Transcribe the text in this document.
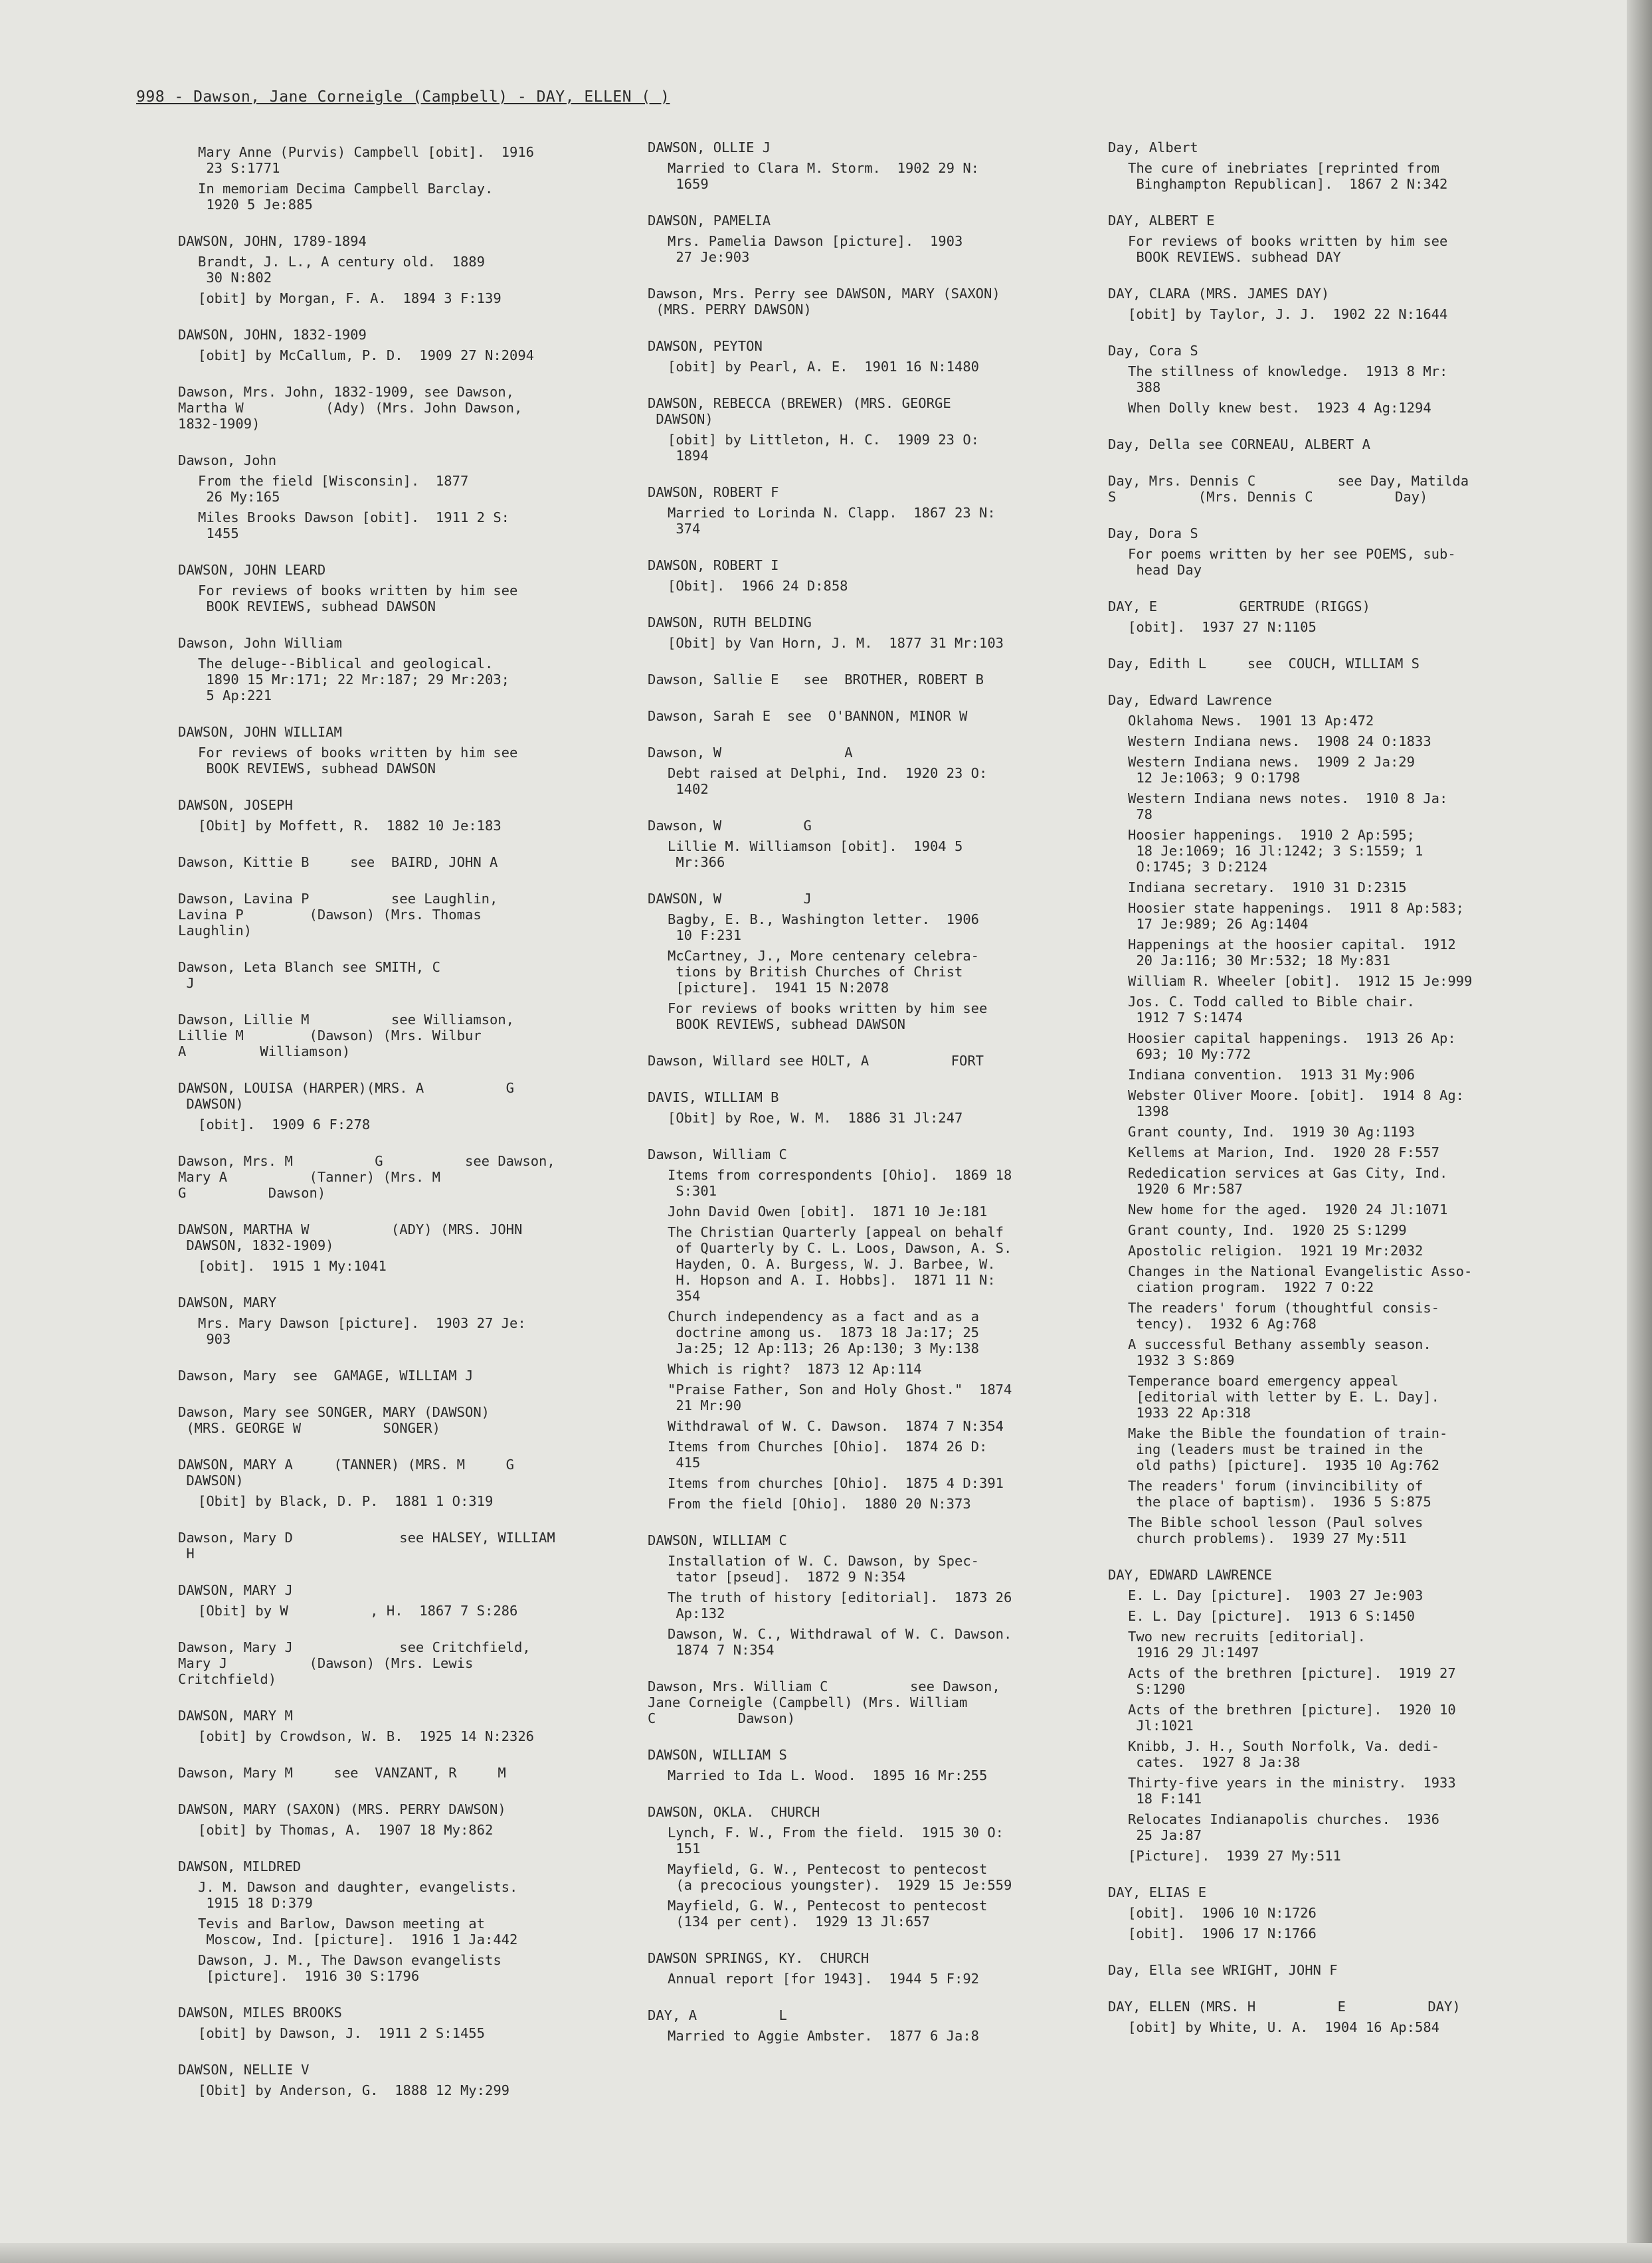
998 - Dawson, Jane Corneigle (Campbell) - DAY, ELLEN ( )
Mary Anne (Purvis) Campbell [obit].  1916
23 S:1771
In memoriam Decima Campbell Barclay.
1920 5 Je:885
DAWSON, JOHN, 1789-1894
Brandt, J. L., A century old.  1889
30 N:802
[obit] by Morgan, F. A.  1894 3 F:139
DAWSON, JOHN, 1832-1909
[obit] by McCallum, P. D.  1909 27 N:2094
Dawson, Mrs. John, 1832-1909, see Dawson,
Martha W          (Ady) (Mrs. John Dawson,
1832-1909)
Dawson, John
From the field [Wisconsin].  1877
26 My:165
Miles Brooks Dawson [obit].  1911 2 S:
1455
DAWSON, JOHN LEARD
For reviews of books written by him see
BOOK REVIEWS, subhead DAWSON
Dawson, John William
The deluge--Biblical and geological.
1890 15 Mr:171; 22 Mr:187; 29 Mr:203;
5 Ap:221
DAWSON, JOHN WILLIAM
For reviews of books written by him see
BOOK REVIEWS, subhead DAWSON
DAWSON, JOSEPH
[Obit] by Moffett, R.  1882 10 Je:183
Dawson, Kittie B     see  BAIRD, JOHN A
Dawson, Lavina P          see Laughlin,
Lavina P        (Dawson) (Mrs. Thomas
Laughlin)
Dawson, Leta Blanch see SMITH, C
J
Dawson, Lillie M          see Williamson,
Lillie M        (Dawson) (Mrs. Wilbur
A         Williamson)
DAWSON, LOUISA (HARPER)(MRS. A          G
DAWSON)
[obit].  1909 6 F:278
Dawson, Mrs. M          G          see Dawson,
Mary A          (Tanner) (Mrs. M
G          Dawson)
DAWSON, MARTHA W          (ADY) (MRS. JOHN
DAWSON, 1832-1909)
[obit].  1915 1 My:1041
DAWSON, MARY
Mrs. Mary Dawson [picture].  1903 27 Je:
903
Dawson, Mary  see  GAMAGE, WILLIAM J
Dawson, Mary see SONGER, MARY (DAWSON)
(MRS. GEORGE W          SONGER)
DAWSON, MARY A     (TANNER) (MRS. M     G
DAWSON)
[Obit] by Black, D. P.  1881 1 O:319
Dawson, Mary D             see HALSEY, WILLIAM
H
DAWSON, MARY J
[Obit] by W          , H.  1867 7 S:286
Dawson, Mary J             see Critchfield,
Mary J          (Dawson) (Mrs. Lewis
Critchfield)
DAWSON, MARY M
[obit] by Crowdson, W. B.  1925 14 N:2326
Dawson, Mary M     see  VANZANT, R     M
DAWSON, MARY (SAXON) (MRS. PERRY DAWSON)
[obit] by Thomas, A.  1907 18 My:862
DAWSON, MILDRED
J. M. Dawson and daughter, evangelists.
1915 18 D:379
Tevis and Barlow, Dawson meeting at
Moscow, Ind. [picture].  1916 1 Ja:442
Dawson, J. M., The Dawson evangelists
[picture].  1916 30 S:1796
DAWSON, MILES BROOKS
[obit] by Dawson, J.  1911 2 S:1455
DAWSON, NELLIE V
[Obit] by Anderson, G.  1888 12 My:299
DAWSON, OLLIE J
Married to Clara M. Storm.  1902 29 N:
1659
DAWSON, PAMELIA
Mrs. Pamelia Dawson [picture].  1903
27 Je:903
Dawson, Mrs. Perry see DAWSON, MARY (SAXON)
(MRS. PERRY DAWSON)
DAWSON, PEYTON
[obit] by Pearl, A. E.  1901 16 N:1480
DAWSON, REBECCA (BREWER) (MRS. GEORGE
DAWSON)
[obit] by Littleton, H. C.  1909 23 O:
1894
DAWSON, ROBERT F
Married to Lorinda N. Clapp.  1867 23 N:
374
DAWSON, ROBERT I
[Obit].  1966 24 D:858
DAWSON, RUTH BELDING
[Obit] by Van Horn, J. M.  1877 31 Mr:103
Dawson, Sallie E   see  BROTHER, ROBERT B
Dawson, Sarah E  see  O'BANNON, MINOR W
Dawson, W               A
Debt raised at Delphi, Ind.  1920 23 O:
1402
Dawson, W          G
Lillie M. Williamson [obit].  1904 5
Mr:366
DAWSON, W          J
Bagby, E. B., Washington letter.  1906
10 F:231
McCartney, J., More centenary celebra-
tions by British Churches of Christ
[picture].  1941 15 N:2078
For reviews of books written by him see
BOOK REVIEWS, subhead DAWSON
Dawson, Willard see HOLT, A          FORT
DAVIS, WILLIAM B
[Obit] by Roe, W. M.  1886 31 Jl:247
Dawson, William C
Items from correspondents [Ohio].  1869 18
S:301
John David Owen [obit].  1871 10 Je:181
The Christian Quarterly [appeal on behalf
of Quarterly by C. L. Loos, Dawson, A. S.
Hayden, O. A. Burgess, W. J. Barbee, W.
H. Hopson and A. I. Hobbs].  1871 11 N:
354
Church independency as a fact and as a
doctrine among us.  1873 18 Ja:17; 25
Ja:25; 12 Ap:113; 26 Ap:130; 3 My:138
Which is right?  1873 12 Ap:114
"Praise Father, Son and Holy Ghost."  1874
21 Mr:90
Withdrawal of W. C. Dawson.  1874 7 N:354
Items from Churches [Ohio].  1874 26 D:
415
Items from churches [Ohio].  1875 4 D:391
From the field [Ohio].  1880 20 N:373
DAWSON, WILLIAM C
Installation of W. C. Dawson, by Spec-
tator [pseud].  1872 9 N:354
The truth of history [editorial].  1873 26
Ap:132
Dawson, W. C., Withdrawal of W. C. Dawson.
1874 7 N:354
Dawson, Mrs. William C          see Dawson,
Jane Corneigle (Campbell) (Mrs. William
C          Dawson)
DAWSON, WILLIAM S
Married to Ida L. Wood.  1895 16 Mr:255
DAWSON, OKLA.  CHURCH
Lynch, F. W., From the field.  1915 30 O:
151
Mayfield, G. W., Pentecost to pentecost
(a precocious youngster).  1929 15 Je:559
Mayfield, G. W., Pentecost to pentecost
(134 per cent).  1929 13 Jl:657
DAWSON SPRINGS, KY.  CHURCH
Annual report [for 1943].  1944 5 F:92
DAY, A          L
Married to Aggie Ambster.  1877 6 Ja:8
Day, Albert
The cure of inebriates [reprinted from
Binghampton Republican].  1867 2 N:342
DAY, ALBERT E
For reviews of books written by him see
BOOK REVIEWS. subhead DAY
DAY, CLARA (MRS. JAMES DAY)
[obit] by Taylor, J. J.  1902 22 N:1644
Day, Cora S
The stillness of knowledge.  1913 8 Mr:
388
When Dolly knew best.  1923 4 Ag:1294
Day, Della see CORNEAU, ALBERT A
Day, Mrs. Dennis C          see Day, Matilda
S          (Mrs. Dennis C          Day)
Day, Dora S
For poems written by her see POEMS, sub-
head Day
DAY, E          GERTRUDE (RIGGS)
[obit].  1937 27 N:1105
Day, Edith L     see  COUCH, WILLIAM S
Day, Edward Lawrence
Oklahoma News.  1901 13 Ap:472
Western Indiana news.  1908 24 O:1833
Western Indiana news.  1909 2 Ja:29
12 Je:1063; 9 O:1798
Western Indiana news notes.  1910 8 Ja:
78
Hoosier happenings.  1910 2 Ap:595;
18 Je:1069; 16 Jl:1242; 3 S:1559; 1
O:1745; 3 D:2124
Indiana secretary.  1910 31 D:2315
Hoosier state happenings.  1911 8 Ap:583;
17 Je:989; 26 Ag:1404
Happenings at the hoosier capital.  1912
20 Ja:116; 30 Mr:532; 18 My:831
William R. Wheeler [obit].  1912 15 Je:999
Jos. C. Todd called to Bible chair.
1912 7 S:1474
Hoosier capital happenings.  1913 26 Ap:
693; 10 My:772
Indiana convention.  1913 31 My:906
Webster Oliver Moore. [obit].  1914 8 Ag:
1398
Grant county, Ind.  1919 30 Ag:1193
Kellems at Marion, Ind.  1920 28 F:557
Rededication services at Gas City, Ind.
1920 6 Mr:587
New home for the aged.  1920 24 Jl:1071
Grant county, Ind.  1920 25 S:1299
Apostolic religion.  1921 19 Mr:2032
Changes in the National Evangelistic Asso-
ciation program.  1922 7 O:22
The readers' forum (thoughtful consis-
tency).  1932 6 Ag:768
A successful Bethany assembly season.
1932 3 S:869
Temperance board emergency appeal
[editorial with letter by E. L. Day].
1933 22 Ap:318
Make the Bible the foundation of train-
ing (leaders must be trained in the
old paths) [picture].  1935 10 Ag:762
The readers' forum (invincibility of
the place of baptism).  1936 5 S:875
The Bible school lesson (Paul solves
church problems).  1939 27 My:511
DAY, EDWARD LAWRENCE
E. L. Day [picture].  1903 27 Je:903
E. L. Day [picture].  1913 6 S:1450
Two new recruits [editorial].
1916 29 Jl:1497
Acts of the brethren [picture].  1919 27
S:1290
Acts of the brethren [picture].  1920 10
Jl:1021
Knibb, J. H., South Norfolk, Va. dedi-
cates.  1927 8 Ja:38
Thirty-five years in the ministry.  1933
18 F:141
Relocates Indianapolis churches.  1936
25 Ja:87
[Picture].  1939 27 My:511
DAY, ELIAS E
[obit].  1906 10 N:1726
[obit].  1906 17 N:1766
Day, Ella see WRIGHT, JOHN F
DAY, ELLEN (MRS. H          E          DAY)
[obit] by White, U. A.  1904 16 Ap:584
